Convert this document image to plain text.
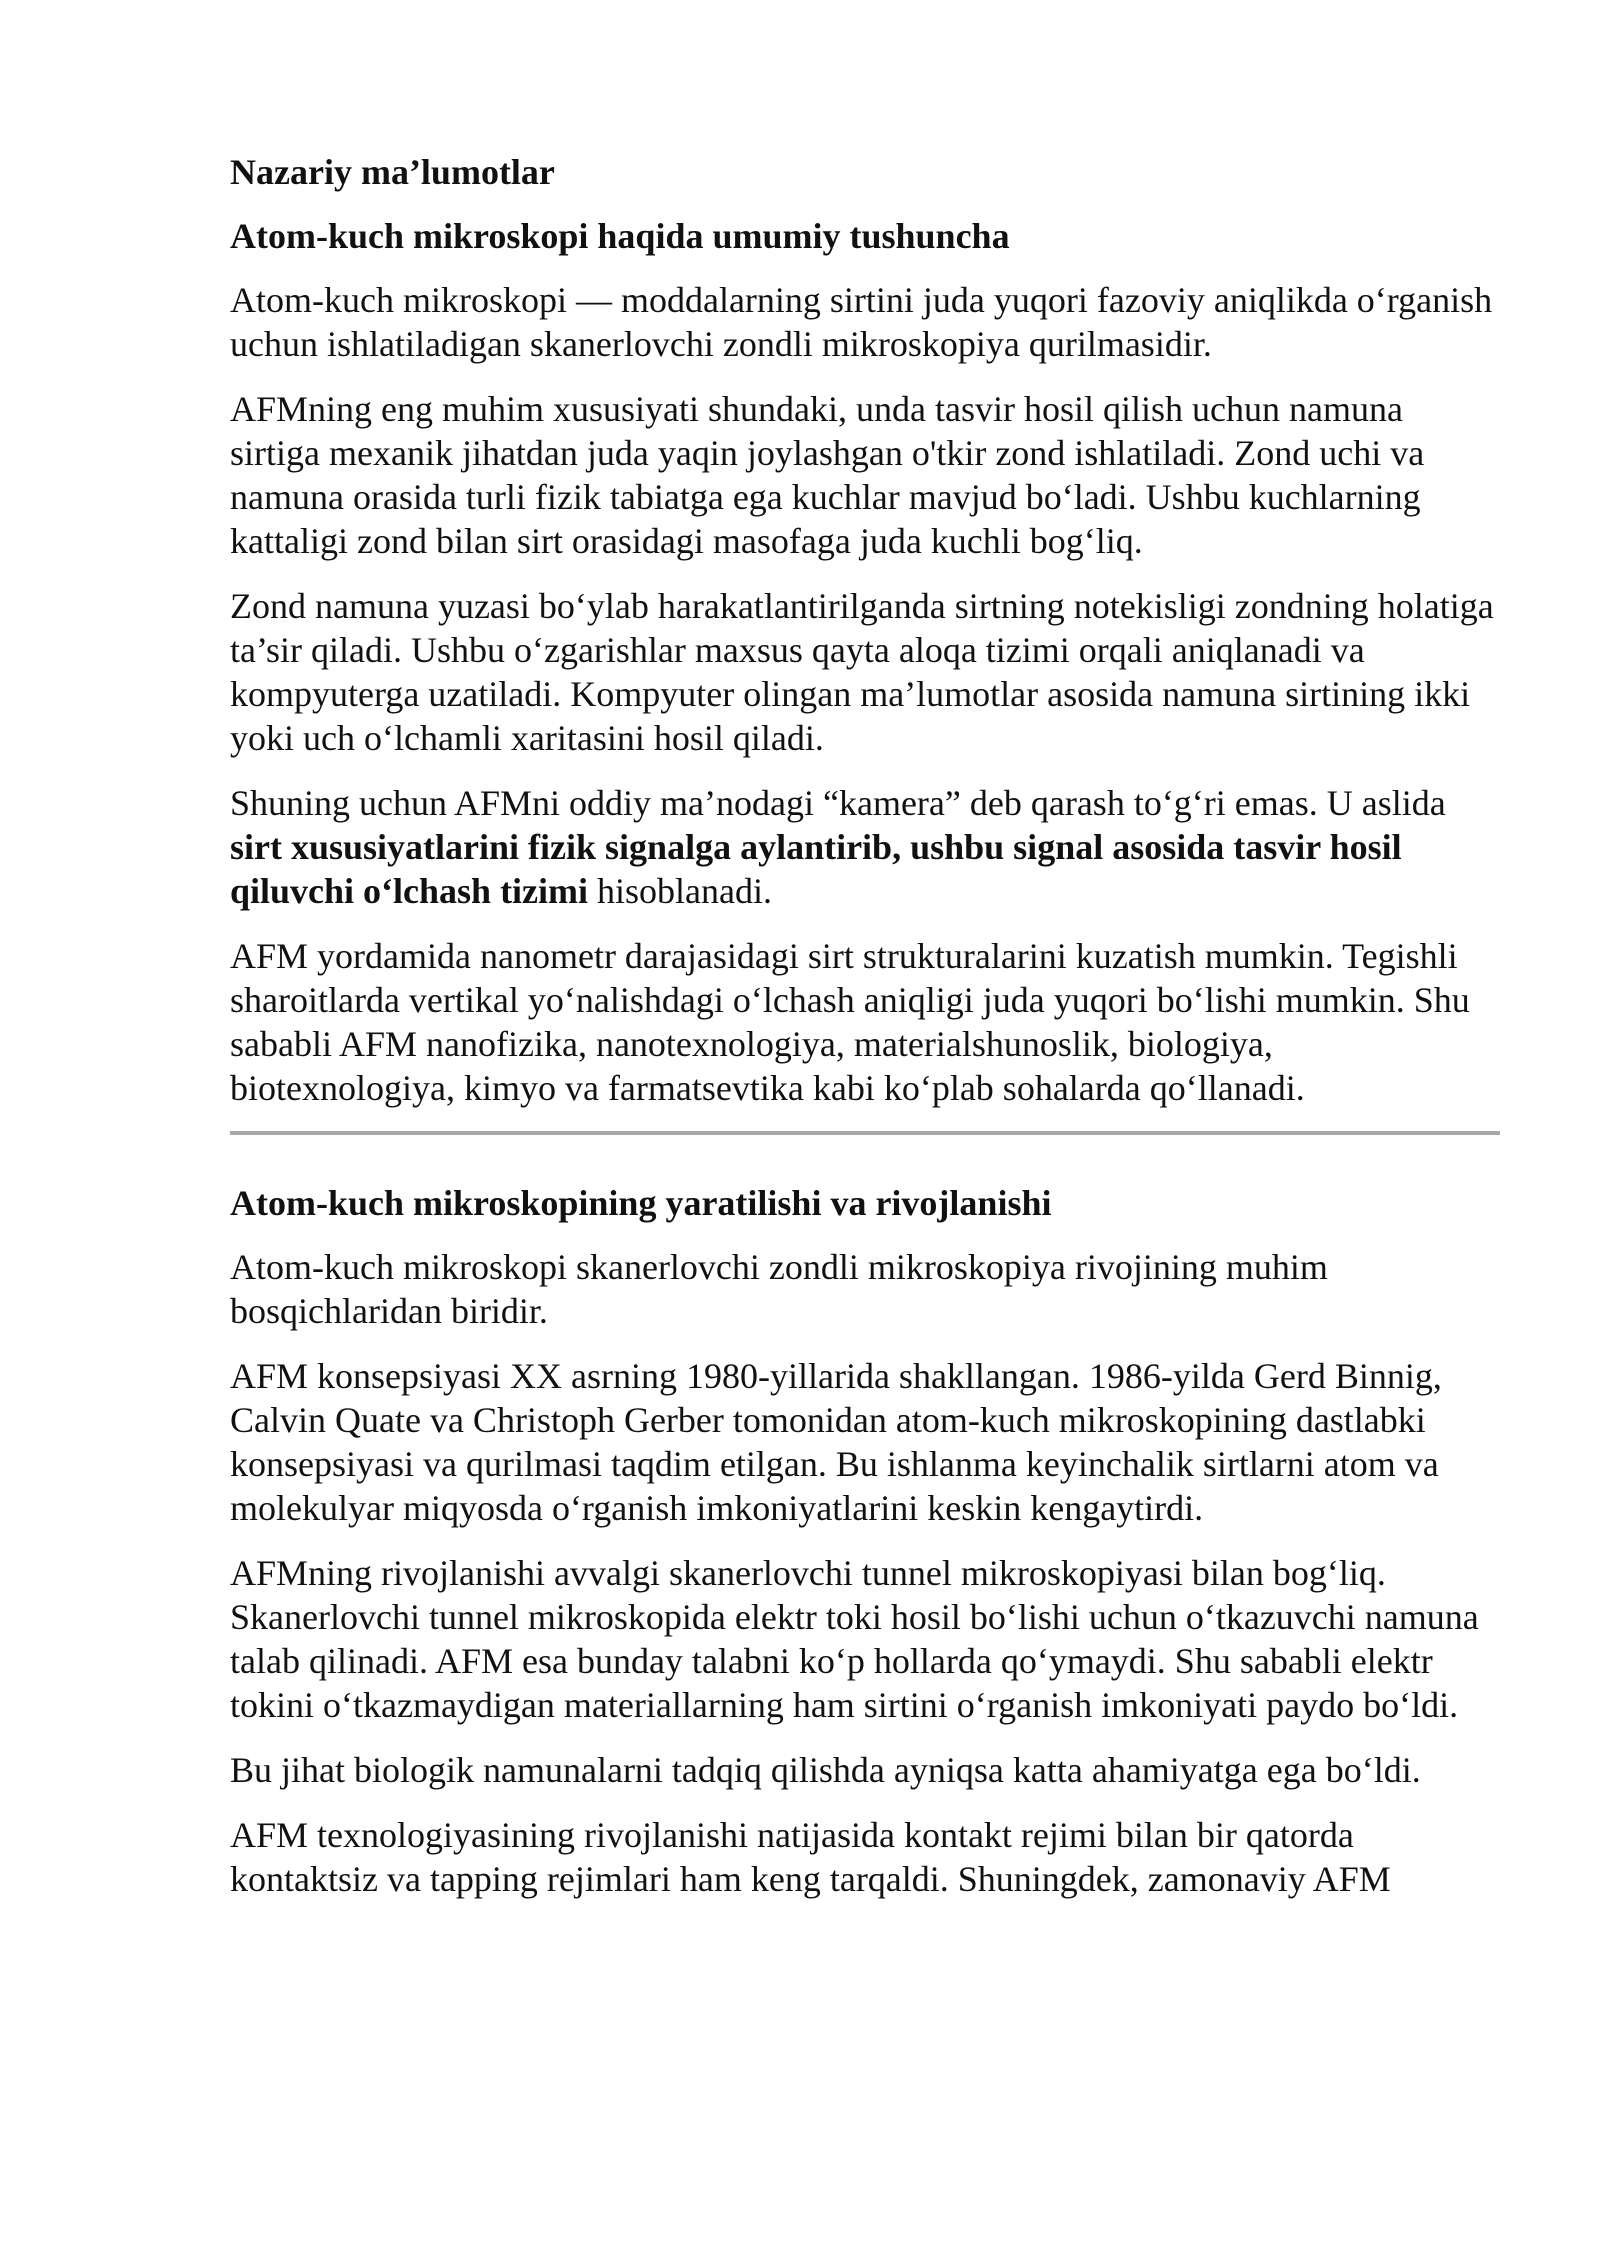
Nazariy ma’lumotlar
Atom-kuch mikroskopi haqida umumiy tushuncha

Atom-kuch mikroskopi — moddalarning sirtini juda yuqori fazoviy aniqlikda o‘rganish uchun ishlatiladigan skanerlovchi zondli mikroskopiya qurilmasidir.

AFMning eng muhim xususiyati shundaki, unda tasvir hosil qilish uchun namuna sirtiga mexanik jihatdan juda yaqin joylashgan o'tkir zond ishlatiladi. Zond uchi va namuna orasida turli fizik tabiatga ega kuchlar mavjud bo‘ladi. Ushbu kuchlarning kattaligi zond bilan sirt orasidagi masofaga juda kuchli bog‘liq.

Zond namuna yuzasi bo‘ylab harakatlantirilganda sirtning notekisligi zondning holatiga ta’sir qiladi. Ushbu o‘zgarishlar maxsus qayta aloqa tizimi orqali aniqlanadi va kompyuterga uzatiladi. Kompyuter olingan ma’lumotlar asosida namuna sirtining ikki yoki uch o‘lchamli xaritasini hosil qiladi.

Shuning uchun AFMni oddiy ma’nodagi “kamera” deb qarash to‘g‘ri emas. U aslida sirt xususiyatlarini fizik signalga aylantirib, ushbu signal asosida tasvir hosil qiluvchi o‘lchash tizimi hisoblanadi.

AFM yordamida nanometr darajasidagi sirt strukturalarini kuzatish mumkin. Tegishli sharoitlarda vertikal yo‘nalishdagi o‘lchash aniqligi juda yuqori bo‘lishi mumkin. Shu sababli AFM nanofizika, nanotexnologiya, materialshunoslik, biologiya, biotexnologiya, kimyo va farmatsevtika kabi ko‘plab sohalarda qo‘llanadi.

Atom-kuch mikroskopining yaratilishi va rivojlanishi

Atom-kuch mikroskopi skanerlovchi zondli mikroskopiya rivojining muhim bosqichlaridan biridir.

AFM konsepsiyasi XX asrning 1980-yillarida shakllangan. 1986-yilda Gerd Binnig, Calvin Quate va Christoph Gerber tomonidan atom-kuch mikroskopining dastlabki konsepsiyasi va qurilmasi taqdim etilgan. Bu ishlanma keyinchalik sirtlarni atom va molekulyar miqyosda o‘rganish imkoniyatlarini keskin kengaytirdi.

AFMning rivojlanishi avvalgi skanerlovchi tunnel mikroskopiyasi bilan bog‘liq. Skanerlovchi tunnel mikroskopida elektr toki hosil bo‘lishi uchun o‘tkazuvchi namuna talab qilinadi. AFM esa bunday talabni ko‘p hollarda qo‘ymaydi. Shu sababli elektr tokini o‘tkazmaydigan materiallarning ham sirtini o‘rganish imkoniyati paydo bo‘ldi.

Bu jihat biologik namunalarni tadqiq qilishda ayniqsa katta ahamiyatga ega bo‘ldi.

AFM texnologiyasining rivojlanishi natijasida kontakt rejimi bilan bir qatorda kontaktsiz va tapping rejimlari ham keng tarqaldi. Shuningdek, zamonaviy AFM
